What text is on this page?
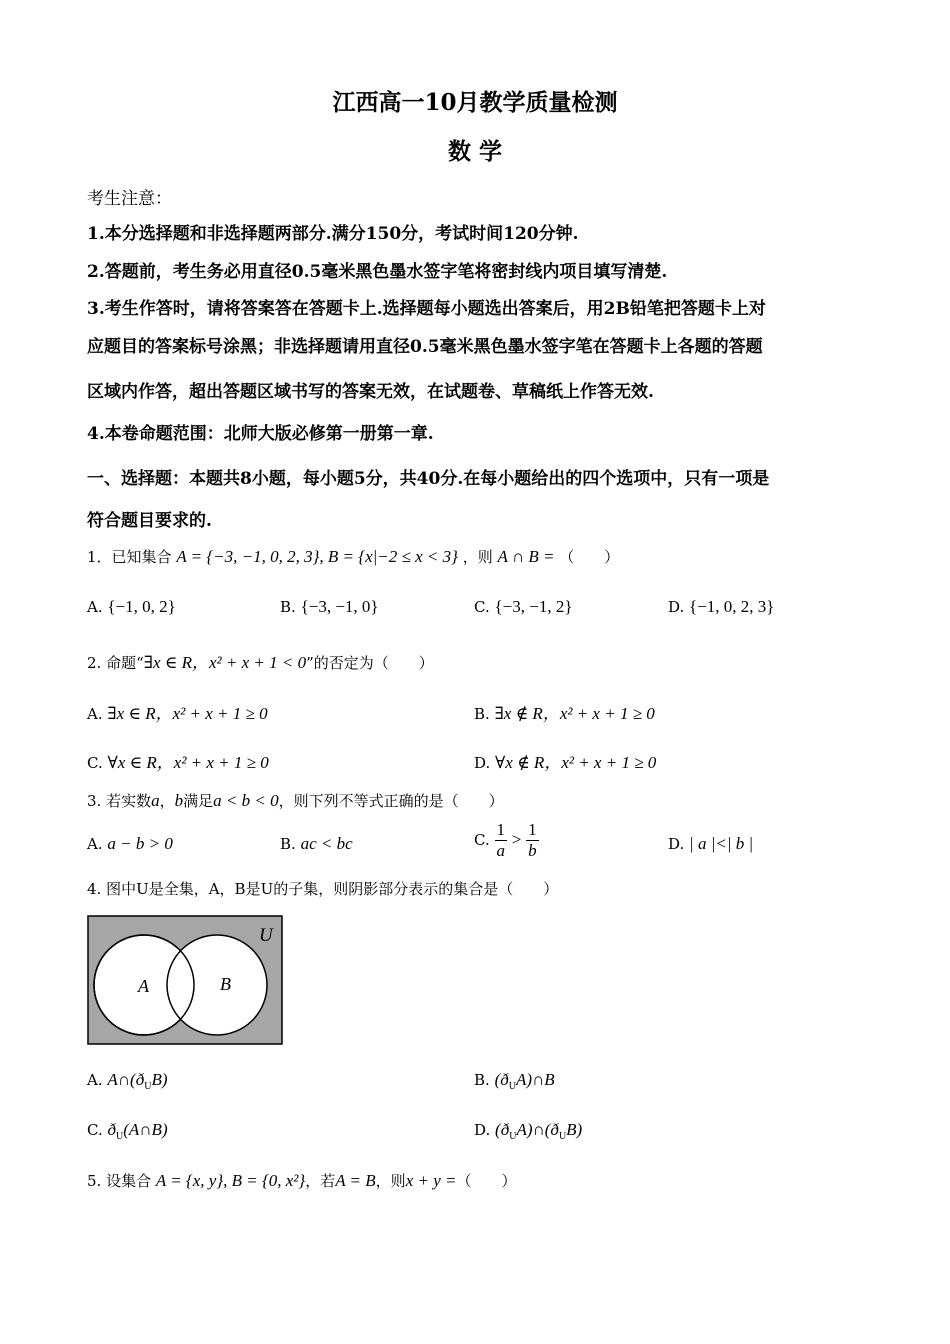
江西高一10月教学质量检测
数 学
考生注意：
1.本分选择题和非选择题两部分.满分150分，考试时间120分钟.
2.答题前，考生务必用直径0.5毫米黑色墨水签字笔将密封线内项目填写清楚.
3.考生作答时，请将答案答在答题卡上.选择题每小题选出答案后，用2B铅笔把答题卡上对
应题目的答案标号涂黑；非选择题请用直径0.5毫米黑色墨水签字笔在答题卡上各题的答题
区域内作答，超出答题区域书写的答案无效，在试题卷、草稿纸上作答无效.
4.本卷命题范围：北师大版必修第一册第一章.
一、选择题：本题共8小题，每小题5分，共40分.在每小题给出的四个选项中，只有一项是
符合题目要求的.
1．已知集合 A = {−3, −1, 0, 2, 3}, B = {x|−2 ≤ x < 3} ，则 A ∩ B = （　　）
A. {−1, 0, 2}	B. {−3, −1, 0}	C. {−3, −1, 2}	D. {−1, 0, 2, 3}
2. 命题“∃x ∈ R，x² + x + 1 < 0”的否定为（　　）
A. ∃x ∈ R，x² + x + 1 ≥ 0	B. ∃x ∉ R，x² + x + 1 ≥ 0
C. ∀x ∈ R，x² + x + 1 ≥ 0	D. ∀x ∉ R，x² + x + 1 ≥ 0
3. 若实数a，b满足a < b < 0，则下列不等式正确的是（　　）
A. a − b > 0	B. ac < bc	C. $\frac{1}{a} > \frac{1}{b}$	D. | a |<| b |
4. 图中U是全集，A，B是U的子集，则阴影部分表示的集合是（　　）
U
A	B
A. $A\cap(ð_UB)$	B. $(ð_UA)\cap B$
C. $ð_U(A\cap B)$	D. $(ð_UA)\cap(ð_UB)$
5. 设集合 A = {x, y}, B = {0, x²}，若A = B，则x + y =（　　）
